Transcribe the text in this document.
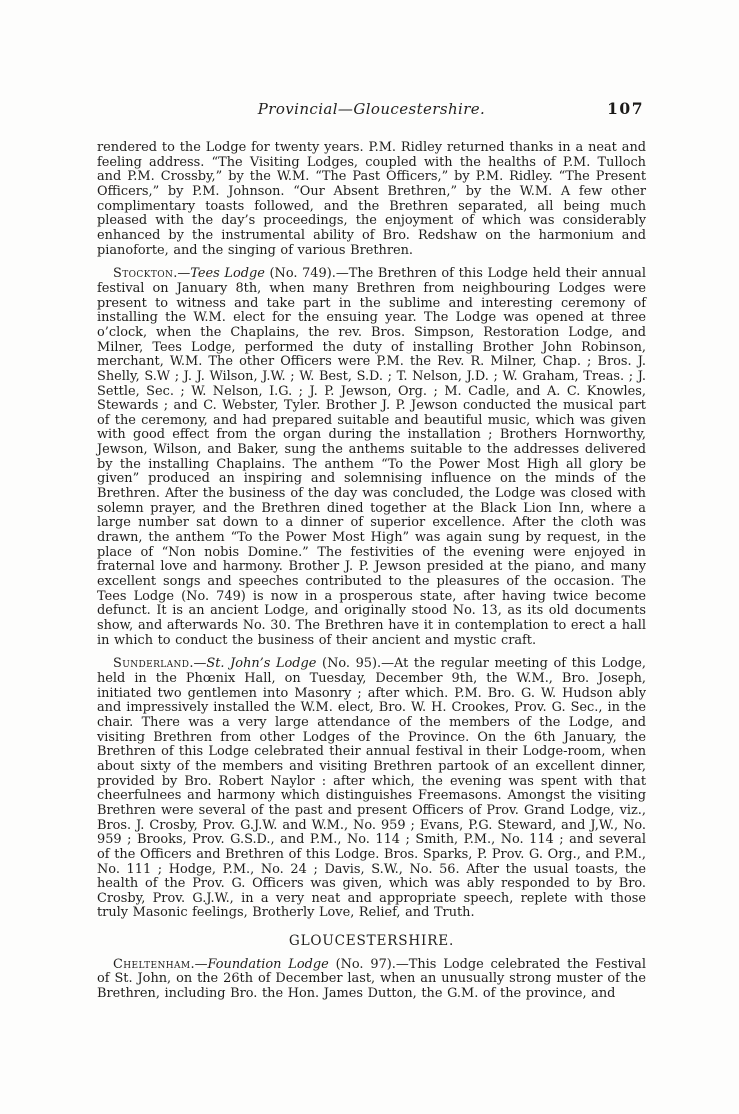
Provincial—Gloucestershire.	107

rendered to the Lodge for twenty years. P.M. Ridley returned thanks in a neat and feeling address. “The Visiting Lodges, coupled with the healths of P.M. Tulloch and P.M. Crossby,” by the W.M. “The Past Officers,” by P.M. Ridley. “The Present Officers,” by P.M. Johnson. “Our Absent Brethren,” by the W.M. A few other complimentary toasts followed, and the Brethren separated, all being much pleased with the day’s proceedings, the enjoyment of which was considerably enhanced by the instrumental ability of Bro. Redshaw on the harmonium and pianoforte, and the singing of various Brethren.

Stockton.—Tees Lodge (No. 749).—The Brethren of this Lodge held their annual festival on January 8th, when many Brethren from neighbouring Lodges were present to witness and take part in the sublime and interesting ceremony of installing the W.M. elect for the ensuing year. The Lodge was opened at three o’clock, when the Chaplains, the rev. Bros. Simpson, Restoration Lodge, and Milner, Tees Lodge, performed the duty of installing Brother John Robinson, merchant, W.M. The other Officers were P.M. the Rev. R. Milner, Chap. ; Bros. J. Shelly, S.W ; J. J. Wilson, J.W. ; W. Best, S.D. ; T. Nelson, J.D. ; W. Graham, Treas. ; J. Settle, Sec. ; W. Nelson, I.G. ; J. P. Jewson, Org. ; M. Cadle, and A. C. Knowles, Stewards ; and C. Webster, Tyler. Brother J. P. Jewson conducted the musical part of the ceremony, and had prepared suitable and beautiful music, which was given with good effect from the organ during the installation ; Brothers Hornworthy, Jewson, Wilson, and Baker, sung the anthems suitable to the addresses delivered by the installing Chaplains. The anthem “To the Power Most High all glory be given” produced an inspiring and solemnising influence on the minds of the Brethren. After the business of the day was concluded, the Lodge was closed with solemn prayer, and the Brethren dined together at the Black Lion Inn, where a large number sat down to a dinner of superior excellence. After the cloth was drawn, the anthem “To the Power Most High” was again sung by request, in the place of “Non nobis Domine.” The festivities of the evening were enjoyed in fraternal love and harmony. Brother J. P. Jewson presided at the piano, and many excellent songs and speeches contributed to the pleasures of the occasion. The Tees Lodge (No. 749) is now in a prosperous state, after having twice become defunct. It is an ancient Lodge, and originally stood No. 13, as its old documents show, and afterwards No. 30. The Brethren have it in contemplation to erect a hall in which to conduct the business of their ancient and mystic craft.

Sunderland.—St. John’s Lodge (No. 95).—At the regular meeting of this Lodge, held in the Phœnix Hall, on Tuesday, December 9th, the W.M., Bro. Joseph, initiated two gentlemen into Masonry ; after which. P.M. Bro. G. W. Hudson ably and impressively installed the W.M. elect, Bro. W. H. Crookes, Prov. G. Sec., in the chair. There was a very large attendance of the members of the Lodge, and visiting Brethren from other Lodges of the Province. On the 6th January, the Brethren of this Lodge celebrated their annual festival in their Lodge-room, when about sixty of the members and visiting Brethren partook of an excellent dinner, provided by Bro. Robert Naylor : after which, the evening was spent with that cheerfulnees and harmony which distinguishes Freemasons. Amongst the visiting Brethren were several of the past and present Officers of Prov. Grand Lodge, viz., Bros. J. Crosby, Prov. G.J.W. and W.M., No. 959 ; Evans, P.G. Steward, and J,W., No. 959 ; Brooks, Prov. G.S.D., and P.M., No. 114 ; Smith, P.M., No. 114 ; and several of the Officers and Brethren of this Lodge. Bros. Sparks, P. Prov. G. Org., and P.M., No. 111 ; Hodge, P.M., No. 24 ; Davis, S.W., No. 56. After the usual toasts, the health of the Prov. G. Officers was given, which was ably responded to by Bro. Crosby, Prov. G.J.W., in a very neat and appropriate speech, replete with those truly Masonic feelings, Brotherly Love, Relief, and Truth.

GLOUCESTERSHIRE.

Cheltenham.—Foundation Lodge (No. 97).—This Lodge celebrated the Festival of St. John, on the 26th of December last, when an unusually strong muster of the Brethren, including Bro. the Hon. James Dutton, the G.M. of the province, and
